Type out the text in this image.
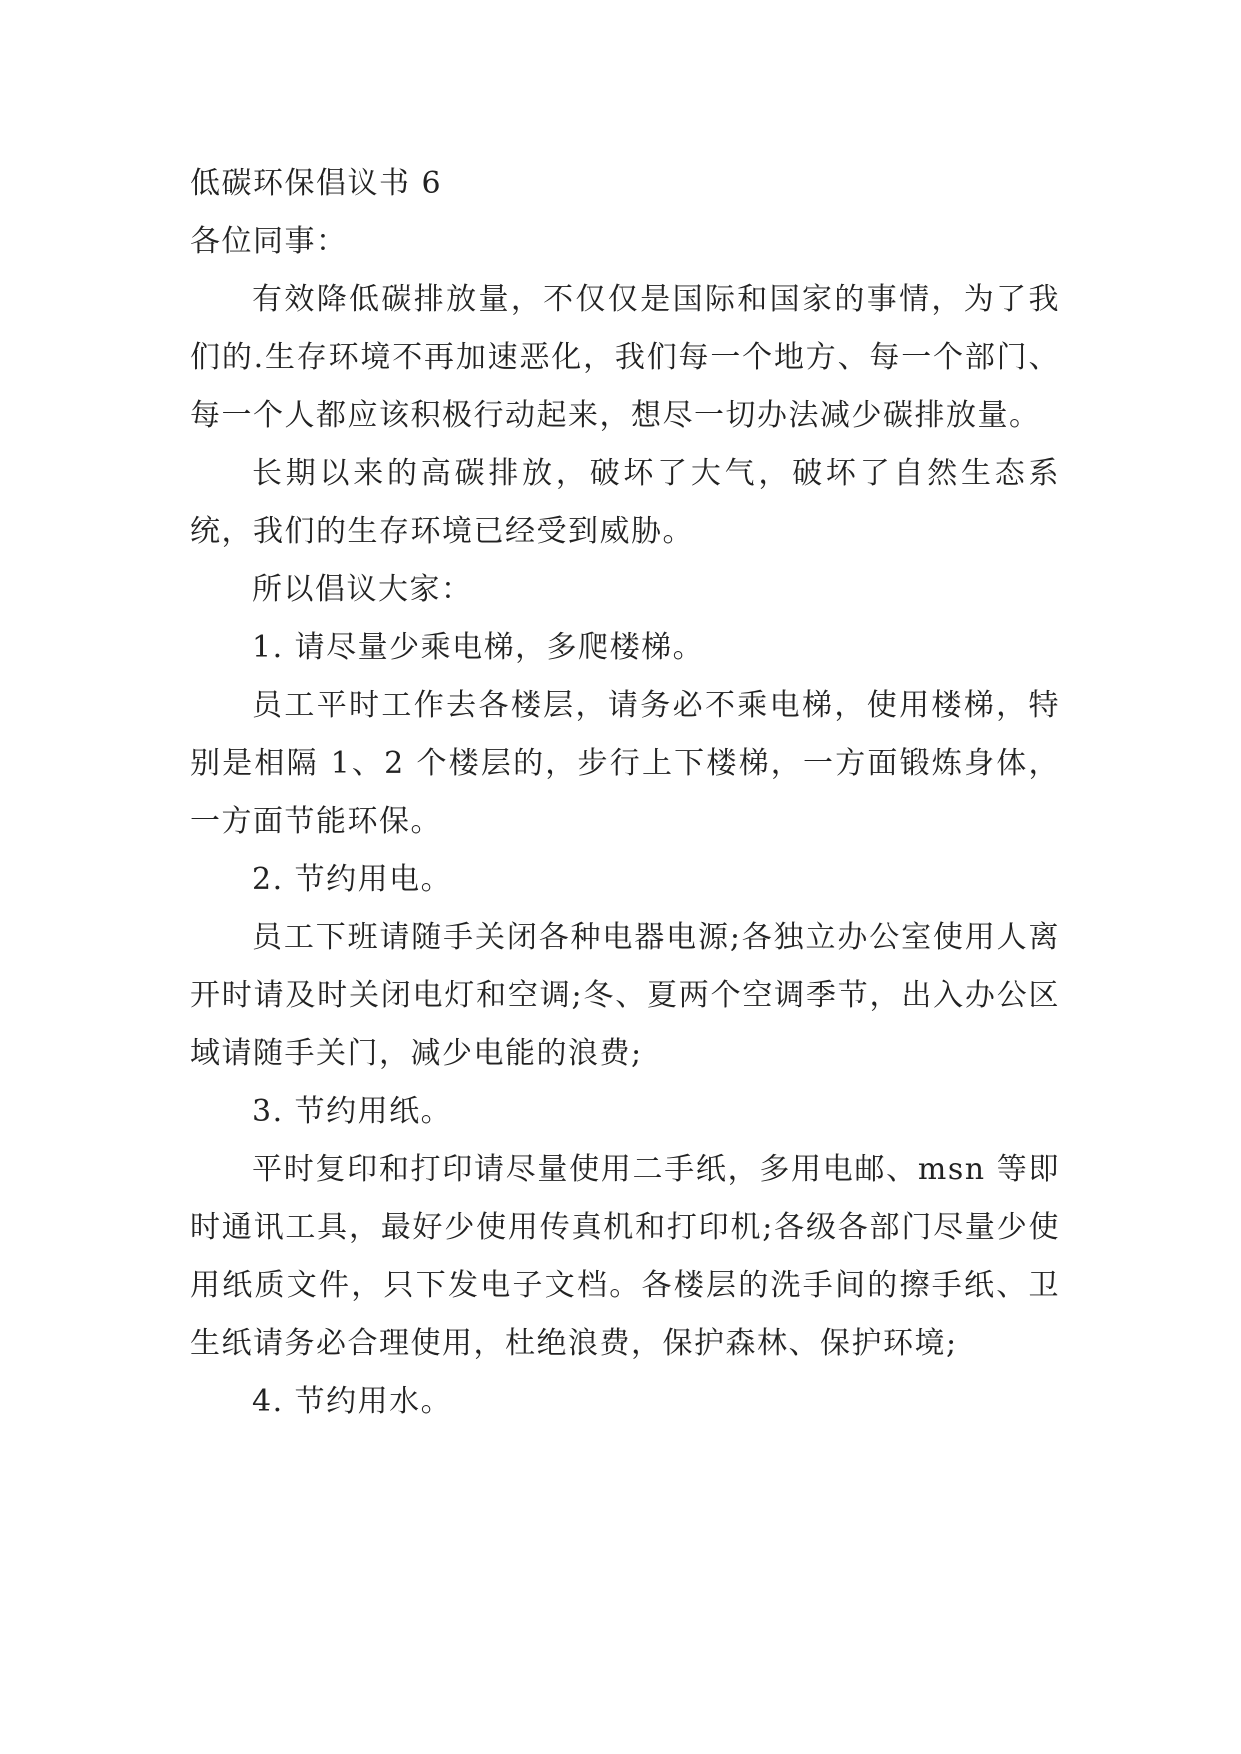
低碳环保倡议书 6

各位同事：

有效降低碳排放量，不仅仅是国际和国家的事情，为了我们的.生存环境不再加速恶化，我们每一个地方、每一个部门、每一个人都应该积极行动起来，想尽一切办法减少碳排放量。

长期以来的高碳排放，破坏了大气，破坏了自然生态系统，我们的生存环境已经受到威胁。

所以倡议大家：

1. 请尽量少乘电梯，多爬楼梯。

员工平时工作去各楼层，请务必不乘电梯，使用楼梯，特别是相隔 1、2 个楼层的，步行上下楼梯，一方面锻炼身体，一方面节能环保。

2. 节约用电。

员工下班请随手关闭各种电器电源;各独立办公室使用人离开时请及时关闭电灯和空调;冬、夏两个空调季节，出入办公区域请随手关门，减少电能的浪费;

3. 节约用纸。

平时复印和打印请尽量使用二手纸，多用电邮、msn 等即时通讯工具，最好少使用传真机和打印机;各级各部门尽量少使用纸质文件，只下发电子文档。各楼层的洗手间的擦手纸、卫生纸请务必合理使用，杜绝浪费，保护森林、保护环境;

4. 节约用水。
